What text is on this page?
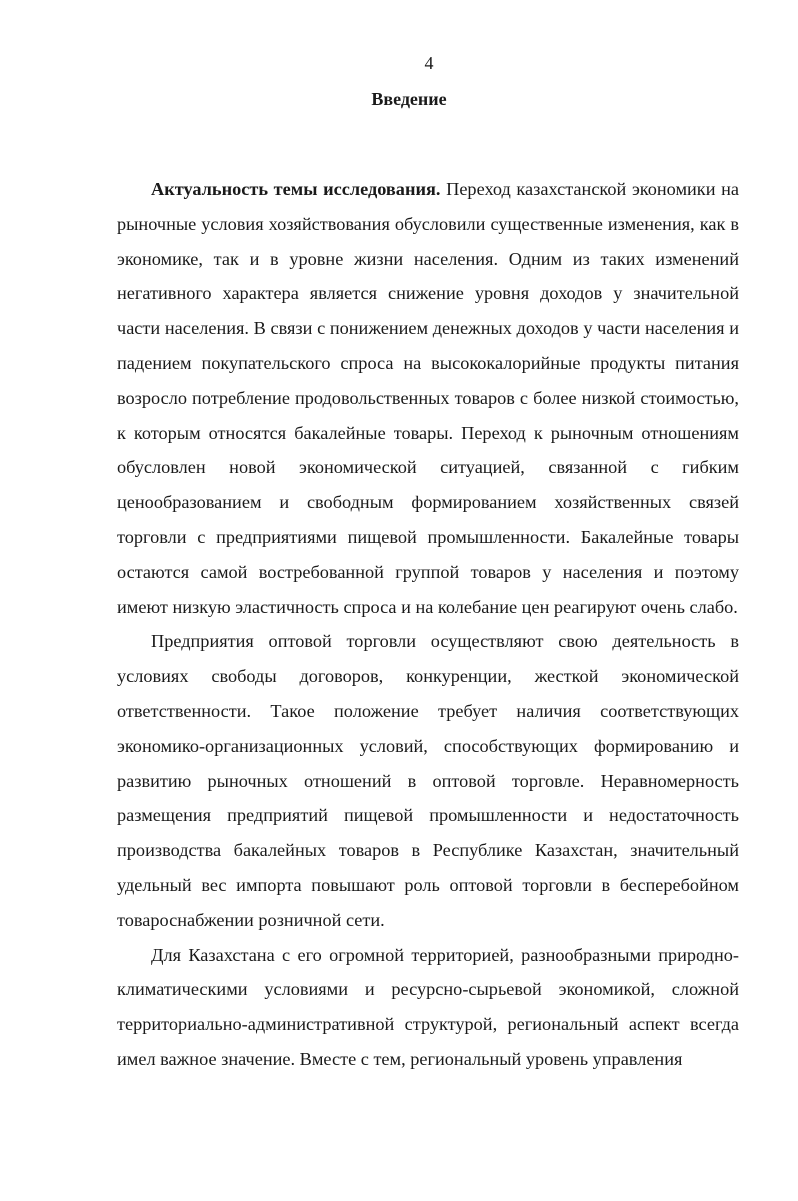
4
Введение

Актуальность темы исследования. Переход казахстанской экономики на рыночные условия хозяйствования обусловили существенные изменения, как в экономике, так и в уровне жизни населения. Одним из таких изменений негативного характера является снижение уровня доходов у значительной части населения. В связи с понижением денежных доходов у части населения и падением покупательского спроса на высококалорийные продукты питания возросло потребление продовольственных товаров с более низкой стоимостью, к которым относятся бакалейные товары. Переход к рыночным отношениям обусловлен новой экономической ситуацией, связанной с гибким ценообразованием и свободным формированием хозяйственных связей торговли с предприятиями пищевой промышленности. Бакалейные товары остаются самой востребованной группой товаров у населения и поэтому имеют низкую эластичность спроса и на колебание цен реагируют очень слабо.

Предприятия оптовой торговли осуществляют свою деятельность в условиях свободы договоров, конкуренции, жесткой экономической ответственности. Такое положение требует наличия соответствующих экономико-организационных условий, способствующих формированию и развитию рыночных отношений в оптовой торговле. Неравномерность размещения предприятий пищевой промышленности и недостаточность производства бакалейных товаров в Республике Казахстан, значительный удельный вес импорта повышают роль оптовой торговли в бесперебойном товароснабжении розничной сети.

Для Казахстана с его огромной территорией, разнообразными природно-климатическими условиями и ресурсно-сырьевой экономикой, сложной территориально-административной структурой, региональный аспект всегда имел важное значение. Вместе с тем, региональный уровень управления
